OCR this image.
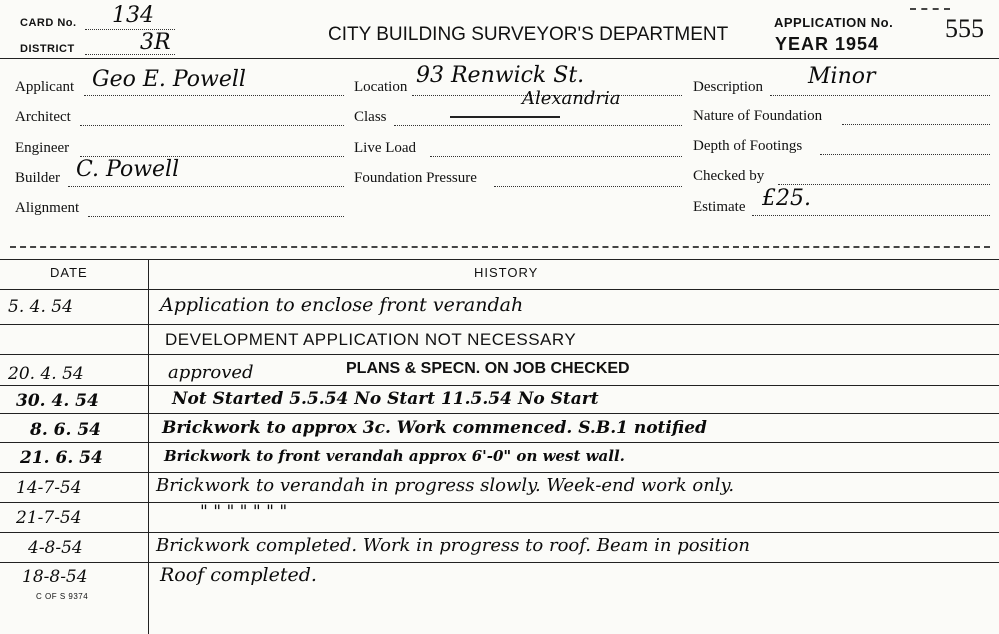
CARD No. 134
DISTRICT	3R	CITY BUILDING SURVEYOR'S DEPARTMENT
APPLICATION No. 555
YEAR 1954
Applicant Geo E. Powell
Architect
Engineer
Builder C. Powell
Alignment
Location 93 Renwick St.
Class
Alexandria
Live Load
Foundation Pressure
Description Minor
Nature of Foundation
Depth of Footings
Checked by
Estimate £25.
DATE	HISTORY
5. 4. 54	Application to enclose front verandah
DEVELOPMENT APPLICATION NOT NECESSARY
20. 4. 54	approved	PLANS & SPECN. ON JOB CHECKED
30. 4. 54	Not Started 5.5.54 No Start 11.5.54 No Start
8. 6. 54	Brickwork to approx 3c. Work commenced. S.B.1 notified
21. 6. 54	Brickwork to front verandah approx 6'-0" on west wall.
14-7-54	Brickwork to verandah in progress slowly. Week-end work only.
21-7-54	" " " " " " "
4-8-54	Brickwork completed. Work in progress to roof. Beam in position
18-8-54	Roof completed.
C OF S 9374
